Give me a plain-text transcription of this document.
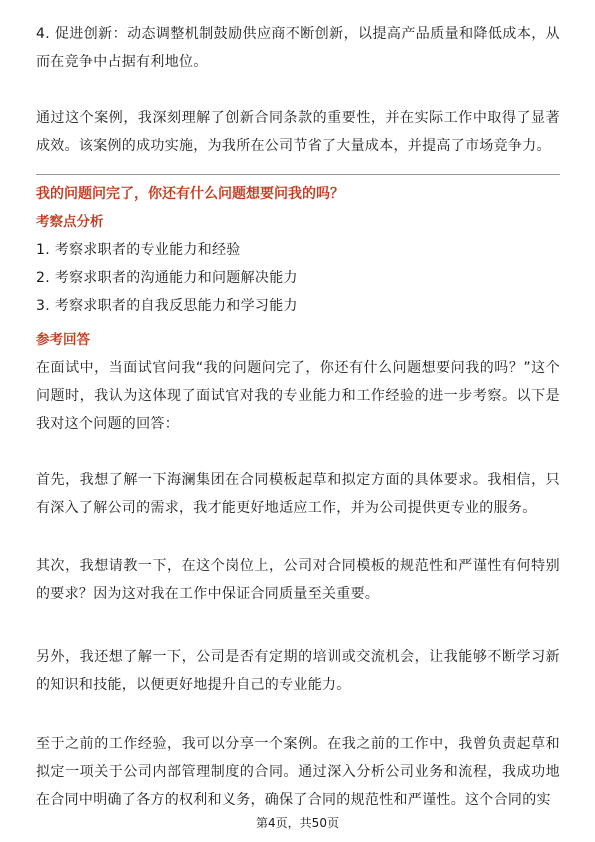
4. 促进创新：动态调整机制鼓励供应商不断创新，以提高产品质量和降低成本，从而在竞争中占据有利地位。

通过这个案例，我深刻理解了创新合同条款的重要性，并在实际工作中取得了显著成效。该案例的成功实施，为我所在公司节省了大量成本，并提高了市场竞争力。

我的问题问完了，你还有什么问题想要问我的吗？

考察点分析

1. 考察求职者的专业能力和经验

2. 考察求职者的沟通能力和问题解决能力

3. 考察求职者的自我反思能力和学习能力

参考回答

在面试中，当面试官问我“我的问题问完了，你还有什么问题想要问我的吗？”这个问题时，我认为这体现了面试官对我的专业能力和工作经验的进一步考察。以下是我对这个问题的回答：

首先，我想了解一下海澜集团在合同模板起草和拟定方面的具体要求。我相信，只有深入了解公司的需求，我才能更好地适应工作，并为公司提供更专业的服务。

其次，我想请教一下，在这个岗位上，公司对合同模板的规范性和严谨性有何特别的要求？因为这对我在工作中保证合同质量至关重要。

另外，我还想了解一下，公司是否有定期的培训或交流机会，让我能够不断学习新的知识和技能，以便更好地提升自己的专业能力。

至于之前的工作经验，我可以分享一个案例。在我之前的工作中，我曾负责起草和拟定一项关于公司内部管理制度的合同。通过深入分析公司业务和流程，我成功地在合同中明确了各方的权利和义务，确保了合同的规范性和严谨性。这个合同的实

第4页，共50页
